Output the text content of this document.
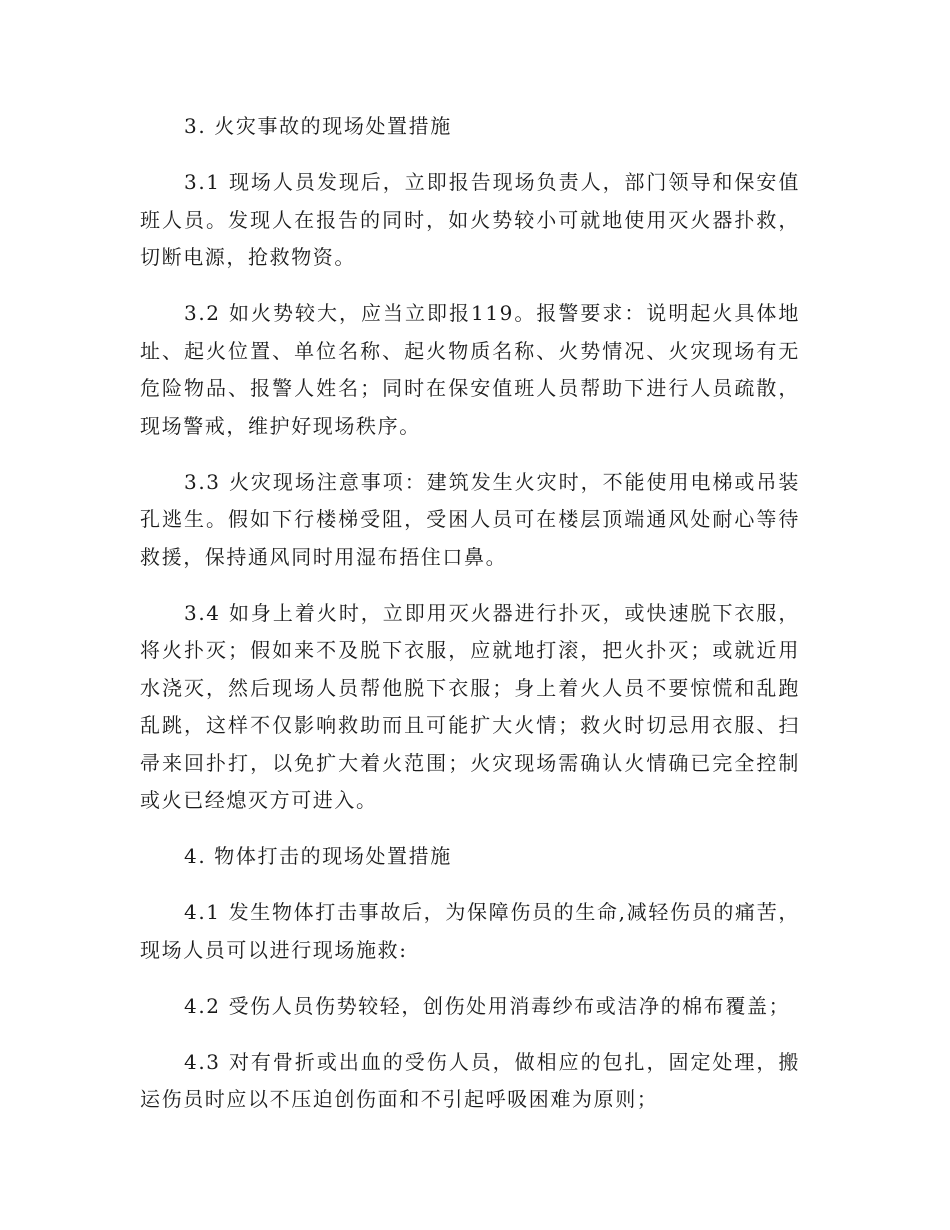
3. 火灾事故的现场处置措施

3.1 现场人员发现后，立即报告现场负责人，部门领导和保安值班人员。发现人在报告的同时，如火势较小可就地使用灭火器扑救，切断电源，抢救物资。

3.2 如火势较大，应当立即报119。报警要求：说明起火具体地址、起火位置、单位名称、起火物质名称、火势情况、火灾现场有无危险物品、报警人姓名；同时在保安值班人员帮助下进行人员疏散，现场警戒，维护好现场秩序。

3.3 火灾现场注意事项：建筑发生火灾时，不能使用电梯或吊装孔逃生。假如下行楼梯受阻，受困人员可在楼层顶端通风处耐心等待救援，保持通风同时用湿布捂住口鼻。

3.4 如身上着火时，立即用灭火器进行扑灭，或快速脱下衣服，将火扑灭；假如来不及脱下衣服，应就地打滚，把火扑灭；或就近用水浇灭，然后现场人员帮他脱下衣服；身上着火人员不要惊慌和乱跑乱跳，这样不仅影响救助而且可能扩大火情；救火时切忌用衣服、扫帚来回扑打，以免扩大着火范围；火灾现场需确认火情确已完全控制或火已经熄灭方可进入。

4. 物体打击的现场处置措施

4.1 发生物体打击事故后，为保障伤员的生命,减轻伤员的痛苦，现场人员可以进行现场施救:

4.2 受伤人员伤势较轻，创伤处用消毒纱布或洁净的棉布覆盖；

4.3 对有骨折或出血的受伤人员，做相应的包扎，固定处理，搬运伤员时应以不压迫创伤面和不引起呼吸困难为原则；
